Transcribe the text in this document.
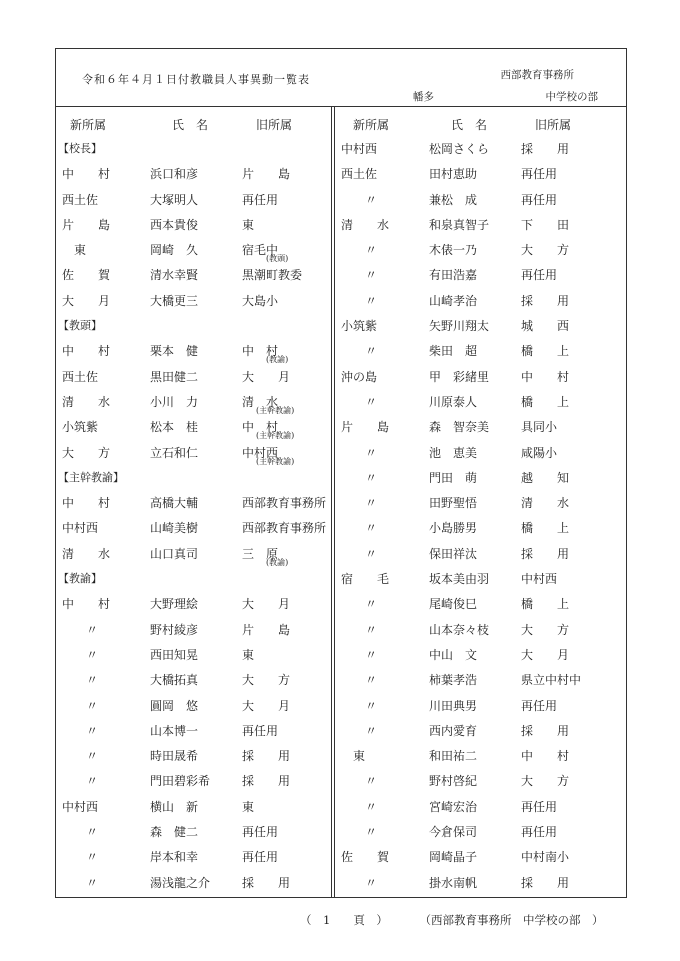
令和６年４月１日付教職員人事異動一覧表	西部教育事務所
幡多	中学校の部
新所属	氏　名	旧所属
【校長】
中　　村	浜口和彦	片　　島
西土佐	大塚明人	再任用
片　　島	西本貴俊	東
　東	岡崎　久	宿毛中
(教頭)
佐　　賀	清水幸賢	黒潮町教委
大　　月	大橋更三	大島小
【教頭】
中　　村	栗本　健	中　村
(教諭)
西土佐	黒田健二	大　　月
清　　水	小川　力	清　水
(主幹教諭)
小筑紫	松本　桂	中　村
(主幹教諭)
大　　方	立石和仁	中村西
(主幹教諭)
【主幹教諭】
中　　村	高橋大輔	西部教育事務所
中村西	山崎美樹	西部教育事務所
清　　水	山口真司	三　原
(教諭)
【教諭】
中　　村	大野理絵	大　　月
〃	野村綾彦	片　　島
〃	西田知晃	東
〃	大橋拓真	大　　方
〃	圓岡　悠	大　　月
〃	山本博一	再任用
〃	時田晟希	採　　用
〃	門田碧彩希	採　　用
中村西	横山　新	東
〃	森　健二	再任用
〃	岸本和幸	再任用
〃	湯浅龍之介	採　　用
新所属	氏　名	旧所属
中村西	松岡さくら	採　　用
西土佐	田村恵助	再任用
〃	兼松　成	再任用
清　　水	和泉真智子	下　　田
〃	木俵一乃	大　　方
〃	有田浩嘉	再任用
〃	山崎孝治	採　　用
小筑紫	矢野川翔太	城　　西
〃	柴田　超	橋　　上
沖の島	甲　彩緒里	中　　村
〃	川原泰人	橋　　上
片　　島	森　智奈美	具同小
〃	池　恵美	咸陽小
〃	門田　萌	越　　知
〃	田野聖悟	清　　水
〃	小島勝男	橋　　上
〃	保田祥汰	採　　用
宿　　毛	坂本美由羽	中村西
〃	尾崎俊巳	橋　　上
〃	山本奈々枝	大　　方
〃	中山　文	大　　月
〃	柿葉孝浩	県立中村中
〃	川田典男	再任用
〃	西内愛育	採　　用
　東	和田祐二	中　　村
〃	野村啓紀	大　　方
〃	宮崎宏治	再任用
〃	今倉保司	再任用
佐　　賀	岡崎晶子	中村南小
〃	掛水南帆	採　　用
（　1　　頁　）	（西部教育事務所　中学校の部　）
